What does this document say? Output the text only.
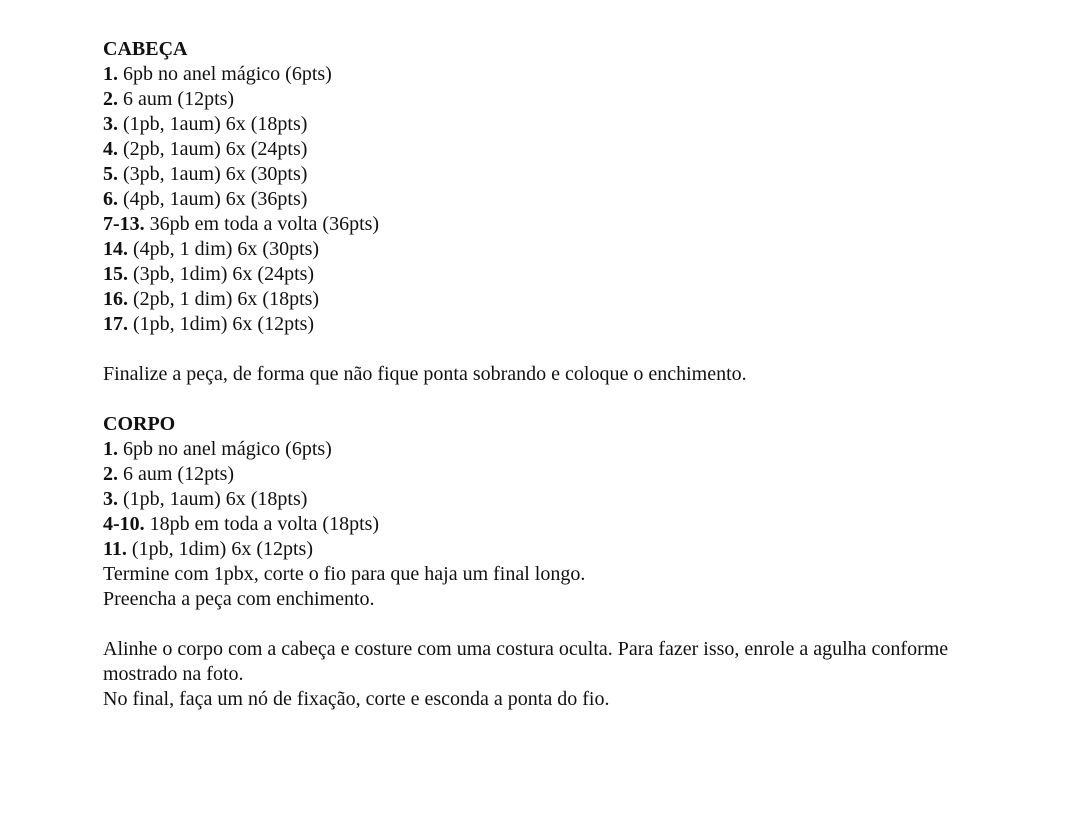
CABEÇA

1. 6pb no anel mágico (6pts)

2. 6 aum (12pts)

3. (1pb, 1aum) 6x (18pts)

4. (2pb, 1aum) 6x (24pts)

5. (3pb, 1aum) 6x (30pts)

6. (4pb, 1aum) 6x (36pts)

7-13. 36pb em toda a volta (36pts)

14. (4pb, 1 dim) 6x (30pts)

15. (3pb, 1dim) 6x (24pts)

16. (2pb, 1 dim) 6x (18pts)

17. (1pb, 1dim) 6x (12pts)

Finalize a peça, de forma que não fique ponta sobrando e coloque o enchimento.

CORPO

1. 6pb no anel mágico (6pts)

2. 6 aum (12pts)

3. (1pb, 1aum) 6x (18pts)

4-10. 18pb em toda a volta (18pts)

11. (1pb, 1dim) 6x (12pts)

Termine com 1pbx, corte o fio para que haja um final longo.

Preencha a peça com enchimento.

Alinhe o corpo com a cabeça e costure com uma costura oculta. Para fazer isso, enrole a agulha conforme mostrado na foto.

No final, faça um nó de fixação, corte e esconda a ponta do fio.
